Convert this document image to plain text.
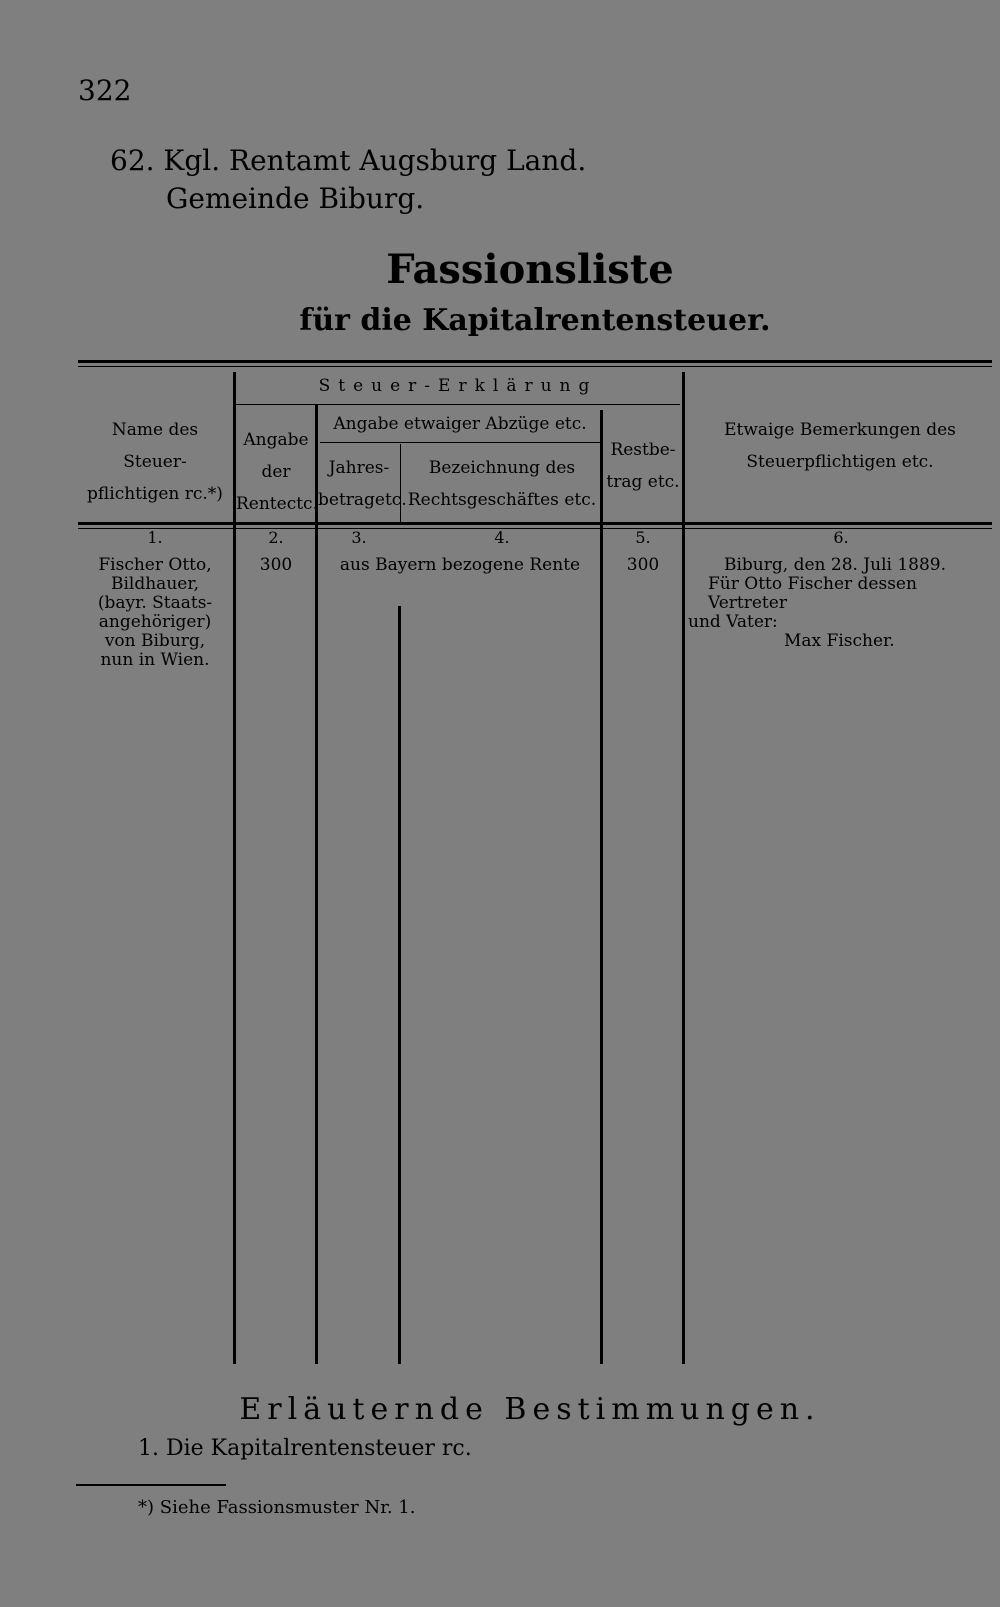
322
62. Kgl. Rentamt Augsburg Land.
Gemeinde Biburg.
Fassionsliste
für die Kapitalrentensteuer.
Steuer-Erklärung
Angabe etwaiger Abzüge etc.
Name des Steuer-pflichtigen rc.*)
Angabe der Rentectc.
Jahres-betragetc.
Bezeichnung des Rechtsgeschäftes etc.
Restbe-trag etc.
Etwaige Bemerkungen des Steuerpflichtigen etc.
1.	2.	3.	4.	5.	6.
Fischer Otto,
Bildhauer,
(bayr. Staats-
angehöriger)
von Biburg,
nun in Wien.
300	aus Bayern bezogene Rente	300	Biburg, den 28. Juli 1889.
Für Otto Fischer dessen Vertreter
und Vater:
Max Fischer.
Erläuternde Bestimmungen.
1. Die Kapitalrentensteuer rc.
*) Siehe Fassionsmuster Nr. 1.
